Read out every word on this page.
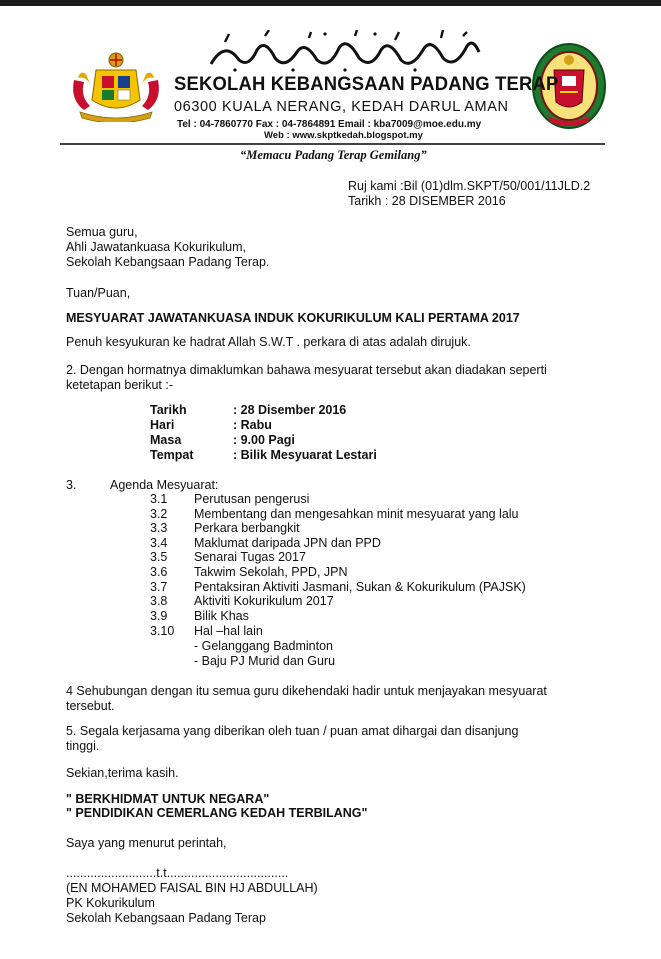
SEKOLAH KEBANGSAAN PADANG TERAP
06300 KUALA NERANG, KEDAH DARUL AMAN
Tel : 04-7860770 Fax : 04-7864891 Email : kba7009@moe.edu.my
Web : www.skptkedah.blogspot.my
“Memacu Padang Terap Gemilang”
Ruj kami :Bil (01)dlm.SKPT/50/001/11JLD.2
Tarikh : 28 DISEMBER 2016
Semua guru,
Ahli Jawatankuasa Kokurikulum,
Sekolah Kebangsaan Padang Terap.
Tuan/Puan,
MESYUARAT JAWATANKUASA INDUK KOKURIKULUM KALI PERTAMA 2017
Penuh kesyukuran ke hadrat Allah S.W.T . perkara di atas adalah dirujuk.
2. Dengan hormatnya dimaklumkan bahawa mesyuarat tersebut akan diadakan seperti
ketetapan berikut :-
Tarikh	: 28 Disember 2016
Hari	: Rabu
Masa	: 9.00 Pagi
Tempat	: Bilik Mesyuarat Lestari
3.	Agenda Mesyuarat:
3.1 Perutusan pengerusi
3.2 Membentang dan mengesahkan minit mesyuarat yang lalu
3.3 Perkara berbangkit
3.4 Maklumat daripada JPN dan PPD
3.5 Senarai Tugas 2017
3.6 Takwim Sekolah, PPD, JPN
3.7 Pentaksiran Aktiviti Jasmani, Sukan & Kokurikulum (PAJSK)
3.8 Aktiviti Kokurikulum 2017
3.9 Bilik Khas
3.10 Hal –hal lain
- Gelanggang Badminton
- Baju PJ Murid dan Guru
4 Sehubungan dengan itu semua guru dikehendaki hadir untuk menjayakan mesyuarat
tersebut.
5. Segala kerjasama yang diberikan oleh tuan / puan amat dihargai dan disanjung
tinggi.
Sekian,terima kasih.
" BERKHIDMAT UNTUK NEGARA"
" PENDIDIKAN CEMERLANG KEDAH TERBILANG"
Saya yang menurut perintah,
..........................t.t...................................
(EN MOHAMED FAISAL BIN HJ ABDULLAH)
PK Kokurikulum
Sekolah Kebangsaan Padang Terap
